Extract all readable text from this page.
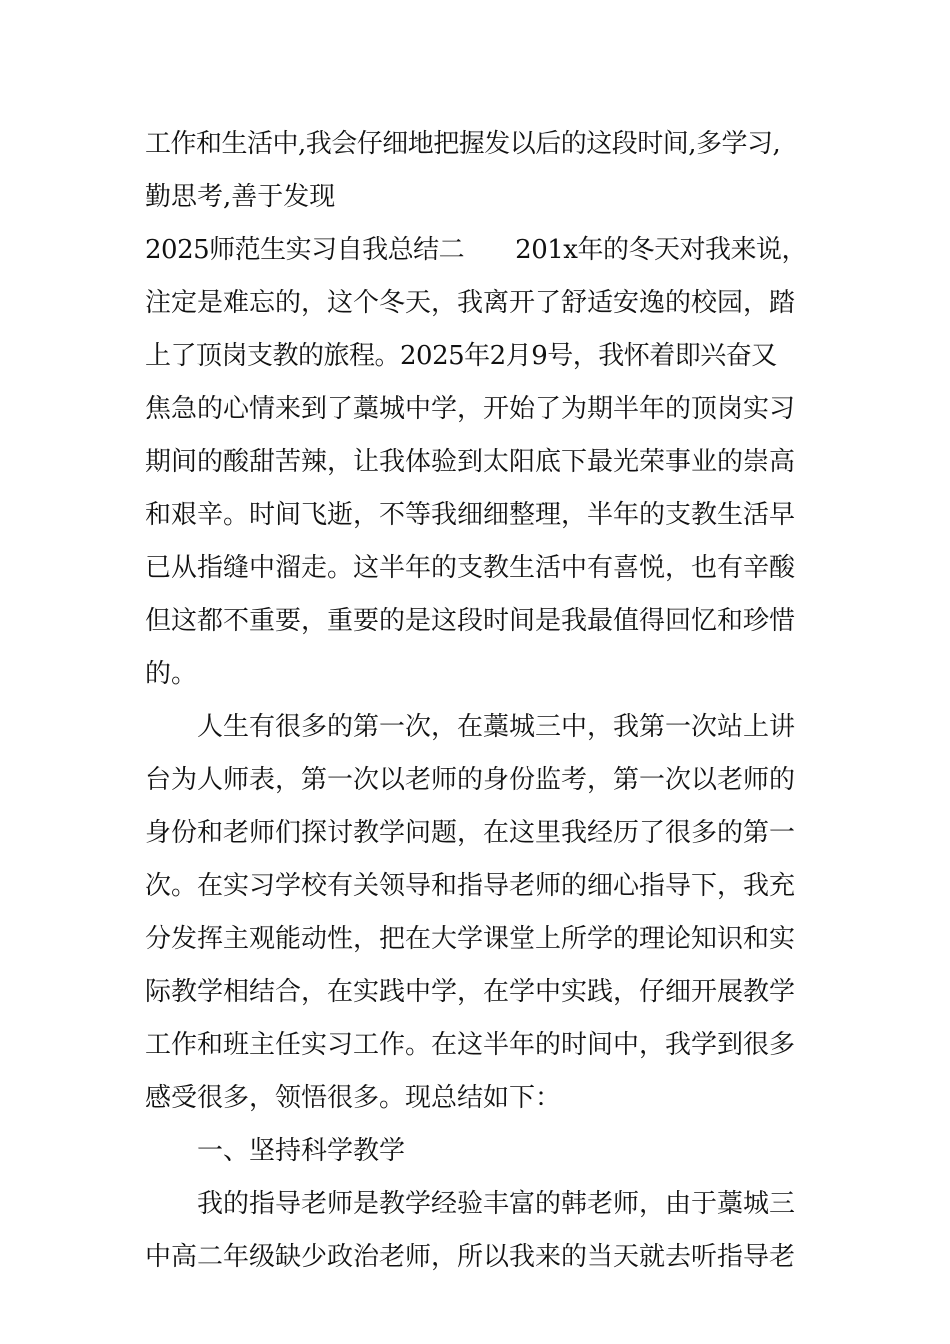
工作和生活中,我会仔细地把握发以后的这段时间,多学习,

勤思考,善于发现

2025师范生实习自我总结二　　201x年的冬天对我来说，

注定是难忘的，这个冬天，我离开了舒适安逸的校园，踏

上了顶岗支教的旅程。2025年2月9号，我怀着即兴奋又

焦急的心情来到了藁城中学，开始了为期半年的顶岗实习

期间的酸甜苦辣，让我体验到太阳底下最光荣事业的崇高

和艰辛。时间飞逝，不等我细细整理，半年的支教生活早

已从指缝中溜走。这半年的支教生活中有喜悦，也有辛酸

但这都不重要，重要的是这段时间是我最值得回忆和珍惜

的。

　　人生有很多的第一次，在藁城三中，我第一次站上讲

台为人师表，第一次以老师的身份监考，第一次以老师的

身份和老师们探讨教学问题，在这里我经历了很多的第一

次。在实习学校有关领导和指导老师的细心指导下，我充

分发挥主观能动性，把在大学课堂上所学的理论知识和实

际教学相结合，在实践中学，在学中实践，仔细开展教学

工作和班主任实习工作。在这半年的时间中，我学到很多

感受很多，领悟很多。现总结如下：

　　一、坚持科学教学

　　我的指导老师是教学经验丰富的韩老师，由于藁城三

中高二年级缺少政治老师，所以我来的当天就去听指导老
